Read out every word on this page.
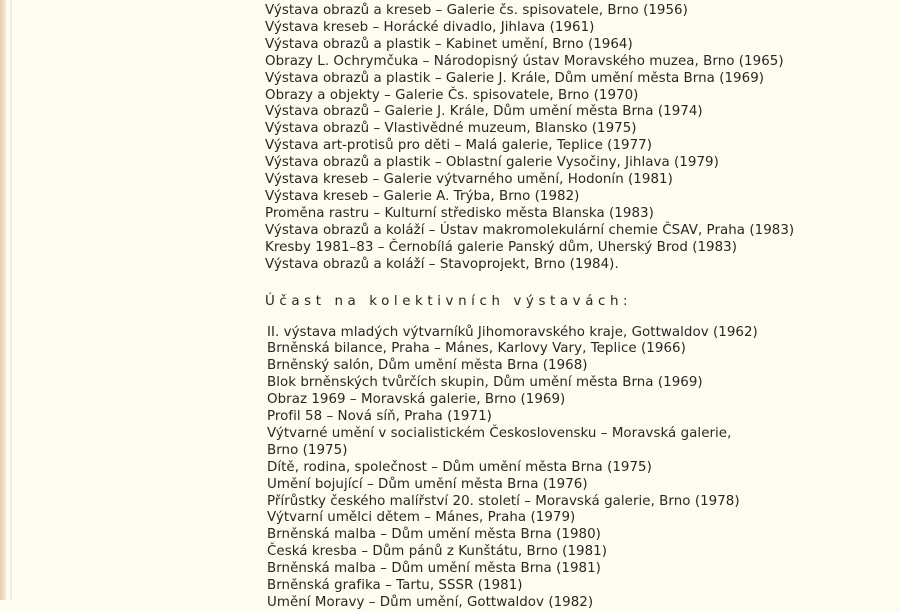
Výstava obrazů a kreseb – Galerie čs. spisovatele, Brno (1956)
Výstava kreseb – Horácké divadlo, Jihlava (1961)
Výstava obrazů a plastik – Kabinet umění, Brno (1964)
Obrazy L. Ochrymčuka – Národopisný ústav Moravského muzea, Brno (1965)
Výstava obrazů a plastik – Galerie J. Krále, Dům umění města Brna (1969)
Obrazy a objekty – Galerie Čs. spisovatele, Brno (1970)
Výstava obrazů – Galerie J. Krále, Dům umění města Brna (1974)
Výstava obrazů – Vlastivědné muzeum, Blansko (1975)
Výstava art-protisů pro děti – Malá galerie, Teplice (1977)
Výstava obrazů a plastik – Oblastní galerie Vysočiny, Jihlava (1979)
Výstava kreseb – Galerie výtvarného umění, Hodonín (1981)
Výstava kreseb – Galerie A. Trýba, Brno (1982)
Proměna rastru – Kulturní středisko města Blanska (1983)
Výstava obrazů a koláží – Ústav makromolekulární chemie ČSAV, Praha (1983)
Kresby 1981–83 – Černobílá galerie Panský dům, Uherský Brod (1983)
Výstava obrazů a koláží – Stavoprojekt, Brno (1984).
Účast na kolektivních výstavách:
II. výstava mladých výtvarníků Jihomoravského kraje, Gottwaldov (1962)
Brněnská bilance, Praha – Mánes, Karlovy Vary, Teplice (1966)
Brněnský salón, Dům umění města Brna (1968)
Blok brněnských tvůrčích skupin, Dům umění města Brna (1969)
Obraz 1969 – Moravská galerie, Brno (1969)
Profil 58 – Nová síň, Praha (1971)
Výtvarné umění v socialistickém Československu – Moravská galerie,
Brno (1975)
Dítě, rodina, společnost – Dům umění města Brna (1975)
Umění bojující – Dům umění města Brna (1976)
Přírůstky českého malířství 20. století – Moravská galerie, Brno (1978)
Výtvarní umělci dětem – Mánes, Praha (1979)
Brněnská malba – Dům umění města Brna (1980)
Česká kresba – Dům pánů z Kunštátu, Brno (1981)
Brněnská malba – Dům umění města Brna (1981)
Brněnská grafika – Tartu, SSSR (1981)
Umění Moravy – Dům umění, Gottwaldov (1982)
